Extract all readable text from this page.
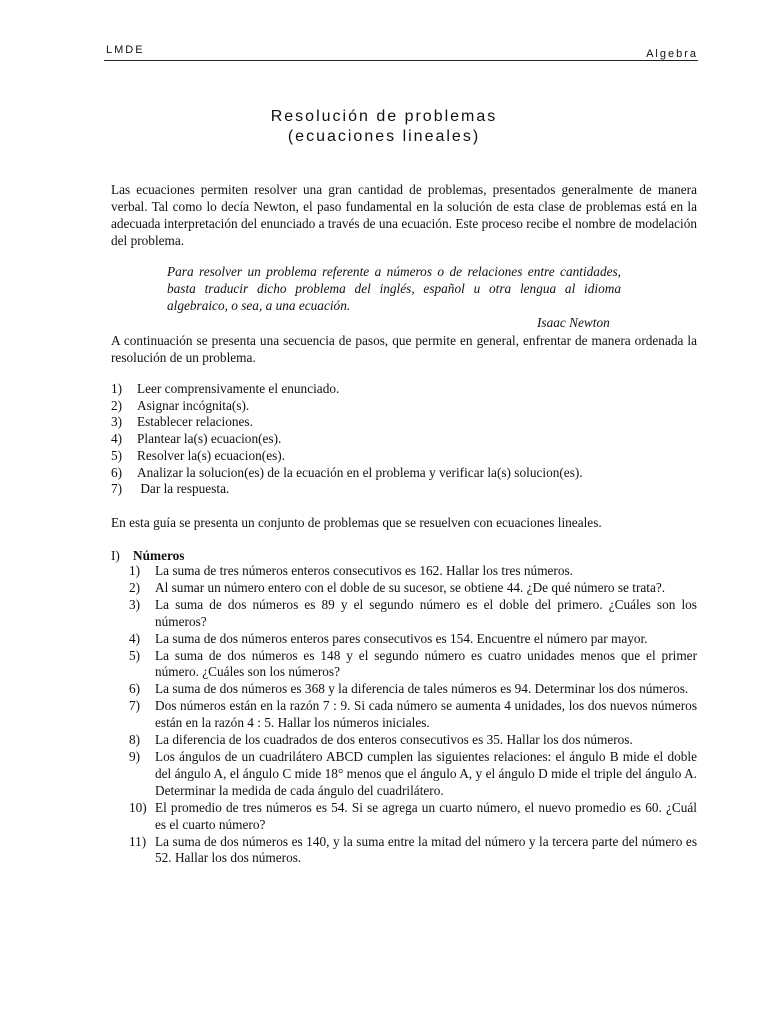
LMDE	Algebra
Resolución de problemas
(ecuaciones lineales)

Las ecuaciones permiten resolver una gran cantidad de problemas, presentados generalmente de manera verbal. Tal como lo decía Newton, el paso fundamental en la solución de esta clase de problemas está en la adecuada interpretación del enunciado a través de una ecuación. Este proceso recibe el nombre de modelación del problema.

Para resolver un problema referente a números o de relaciones entre cantidades, basta traducir dicho problema del inglés, español u otra lengua al idioma algebraico, o sea, a una ecuación.

Isaac Newton

A continuación se presenta una secuencia de pasos, que permite en general, enfrentar de manera ordenada la resolución de un problema.

1) Leer comprensivamente el enunciado.
2) Asignar incógnita(s).
3) Establecer relaciones.
4) Plantear la(s) ecuacion(es).
5) Resolver la(s) ecuacion(es).
6) Analizar la solucion(es) de la ecuación en el problema y verificar la(s) solucion(es).
7) Dar la respuesta.

En esta guía se presenta un conjunto de problemas que se resuelven con ecuaciones lineales.

I) Números
1) La suma de tres números enteros consecutivos es 162. Hallar los tres números.
2) Al sumar un número entero con el doble de su sucesor, se obtiene 44. ¿De qué número se trata?.
3) La suma de dos números es 89 y el segundo número es el doble del primero. ¿Cuáles son los números?
4) La suma de dos números enteros pares consecutivos es 154. Encuentre el número par mayor.
5) La suma de dos números es 148 y el segundo número es cuatro unidades menos que el primer número. ¿Cuáles son los números?
6) La suma de dos números es 368 y la diferencia de tales números es 94. Determinar los dos números.
7) Dos números están en la razón 7 : 9. Si cada número se aumenta 4 unidades, los dos nuevos números están en la razón 4 : 5. Hallar los números iniciales.
8) La diferencia de los cuadrados de dos enteros consecutivos es 35. Hallar los dos números.
9) Los ángulos de un cuadrilátero ABCD cumplen las siguientes relaciones: el ángulo B mide el doble del ángulo A, el ángulo C mide 18° menos que el ángulo A, y el ángulo D mide el triple del ángulo A. Determinar la medida de cada ángulo del cuadrilátero.
10) El promedio de tres números es 54. Si se agrega un cuarto número, el nuevo promedio es 60. ¿Cuál es el cuarto número?
11) La suma de dos números es 140, y la suma entre la mitad del número y la tercera parte del número es 52. Hallar los dos números.
